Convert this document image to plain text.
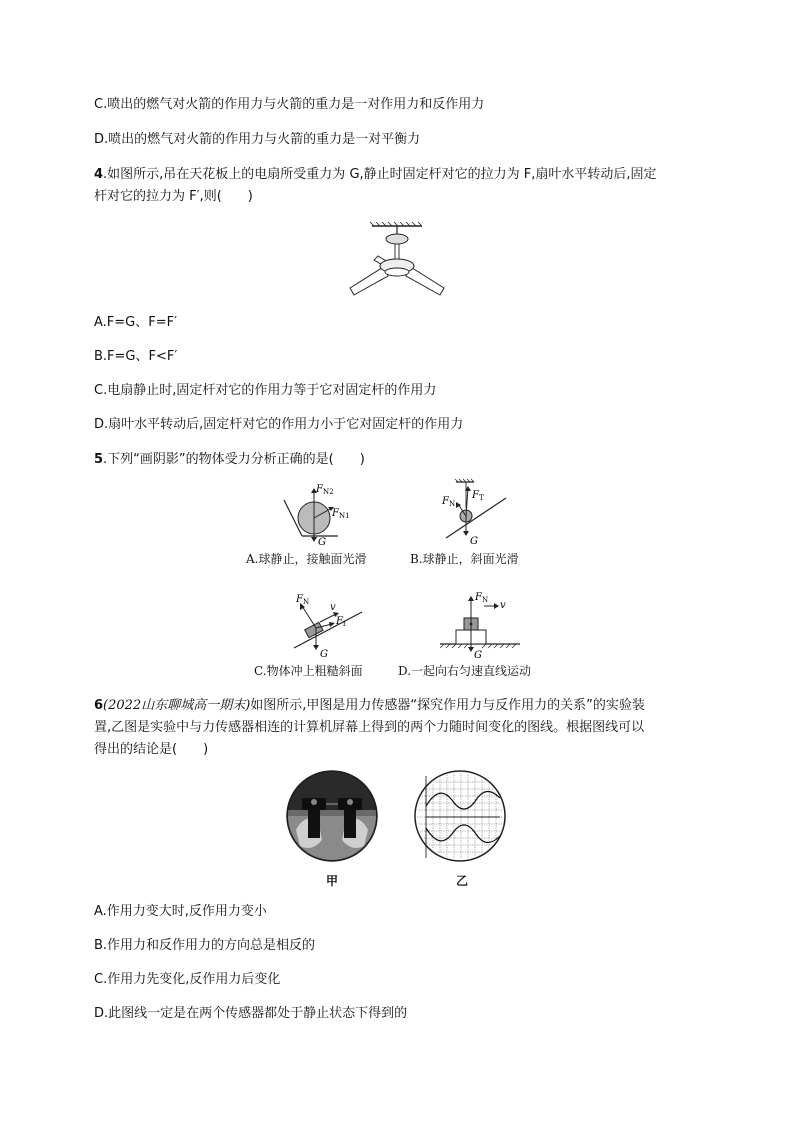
C.喷出的燃气对火箭的作用力与火箭的重力是一对作用力和反作用力
D.喷出的燃气对火箭的作用力与火箭的重力是一对平衡力
4.如图所示,吊在天花板上的电扇所受重力为 G,静止时固定杆对它的拉力为 F,扇叶水平转动后,固定
杆对它的拉力为 F′,则(　　)
A.F=G、F=F′
B.F=G、F<F′
C.电扇静止时,固定杆对它的作用力等于它对固定杆的作用力
D.扇叶水平转动后,固定杆对它的作用力小于它对固定杆的作用力
5.下列“画阴影”的物体受力分析正确的是(　　)
F N2
F N1
G
A.球静止，接触面光滑
F N
F T
G
B.球静止，斜面光滑
F N v
F f
G
C.物体冲上粗糙斜面
F N v
G
D.一起向右匀速直线运动
6(2022山东聊城高一期末)如图所示,甲图是用力传感器“探究作用力与反作用力的关系”的实验装
置,乙图是实验中与力传感器相连的计算机屏幕上得到的两个力随时间变化的图线。根据图线可以
得出的结论是(　　)
甲	乙
A.作用力变大时,反作用力变小
B.作用力和反作用力的方向总是相反的
C.作用力先变化,反作用力后变化
D.此图线一定是在两个传感器都处于静止状态下得到的
